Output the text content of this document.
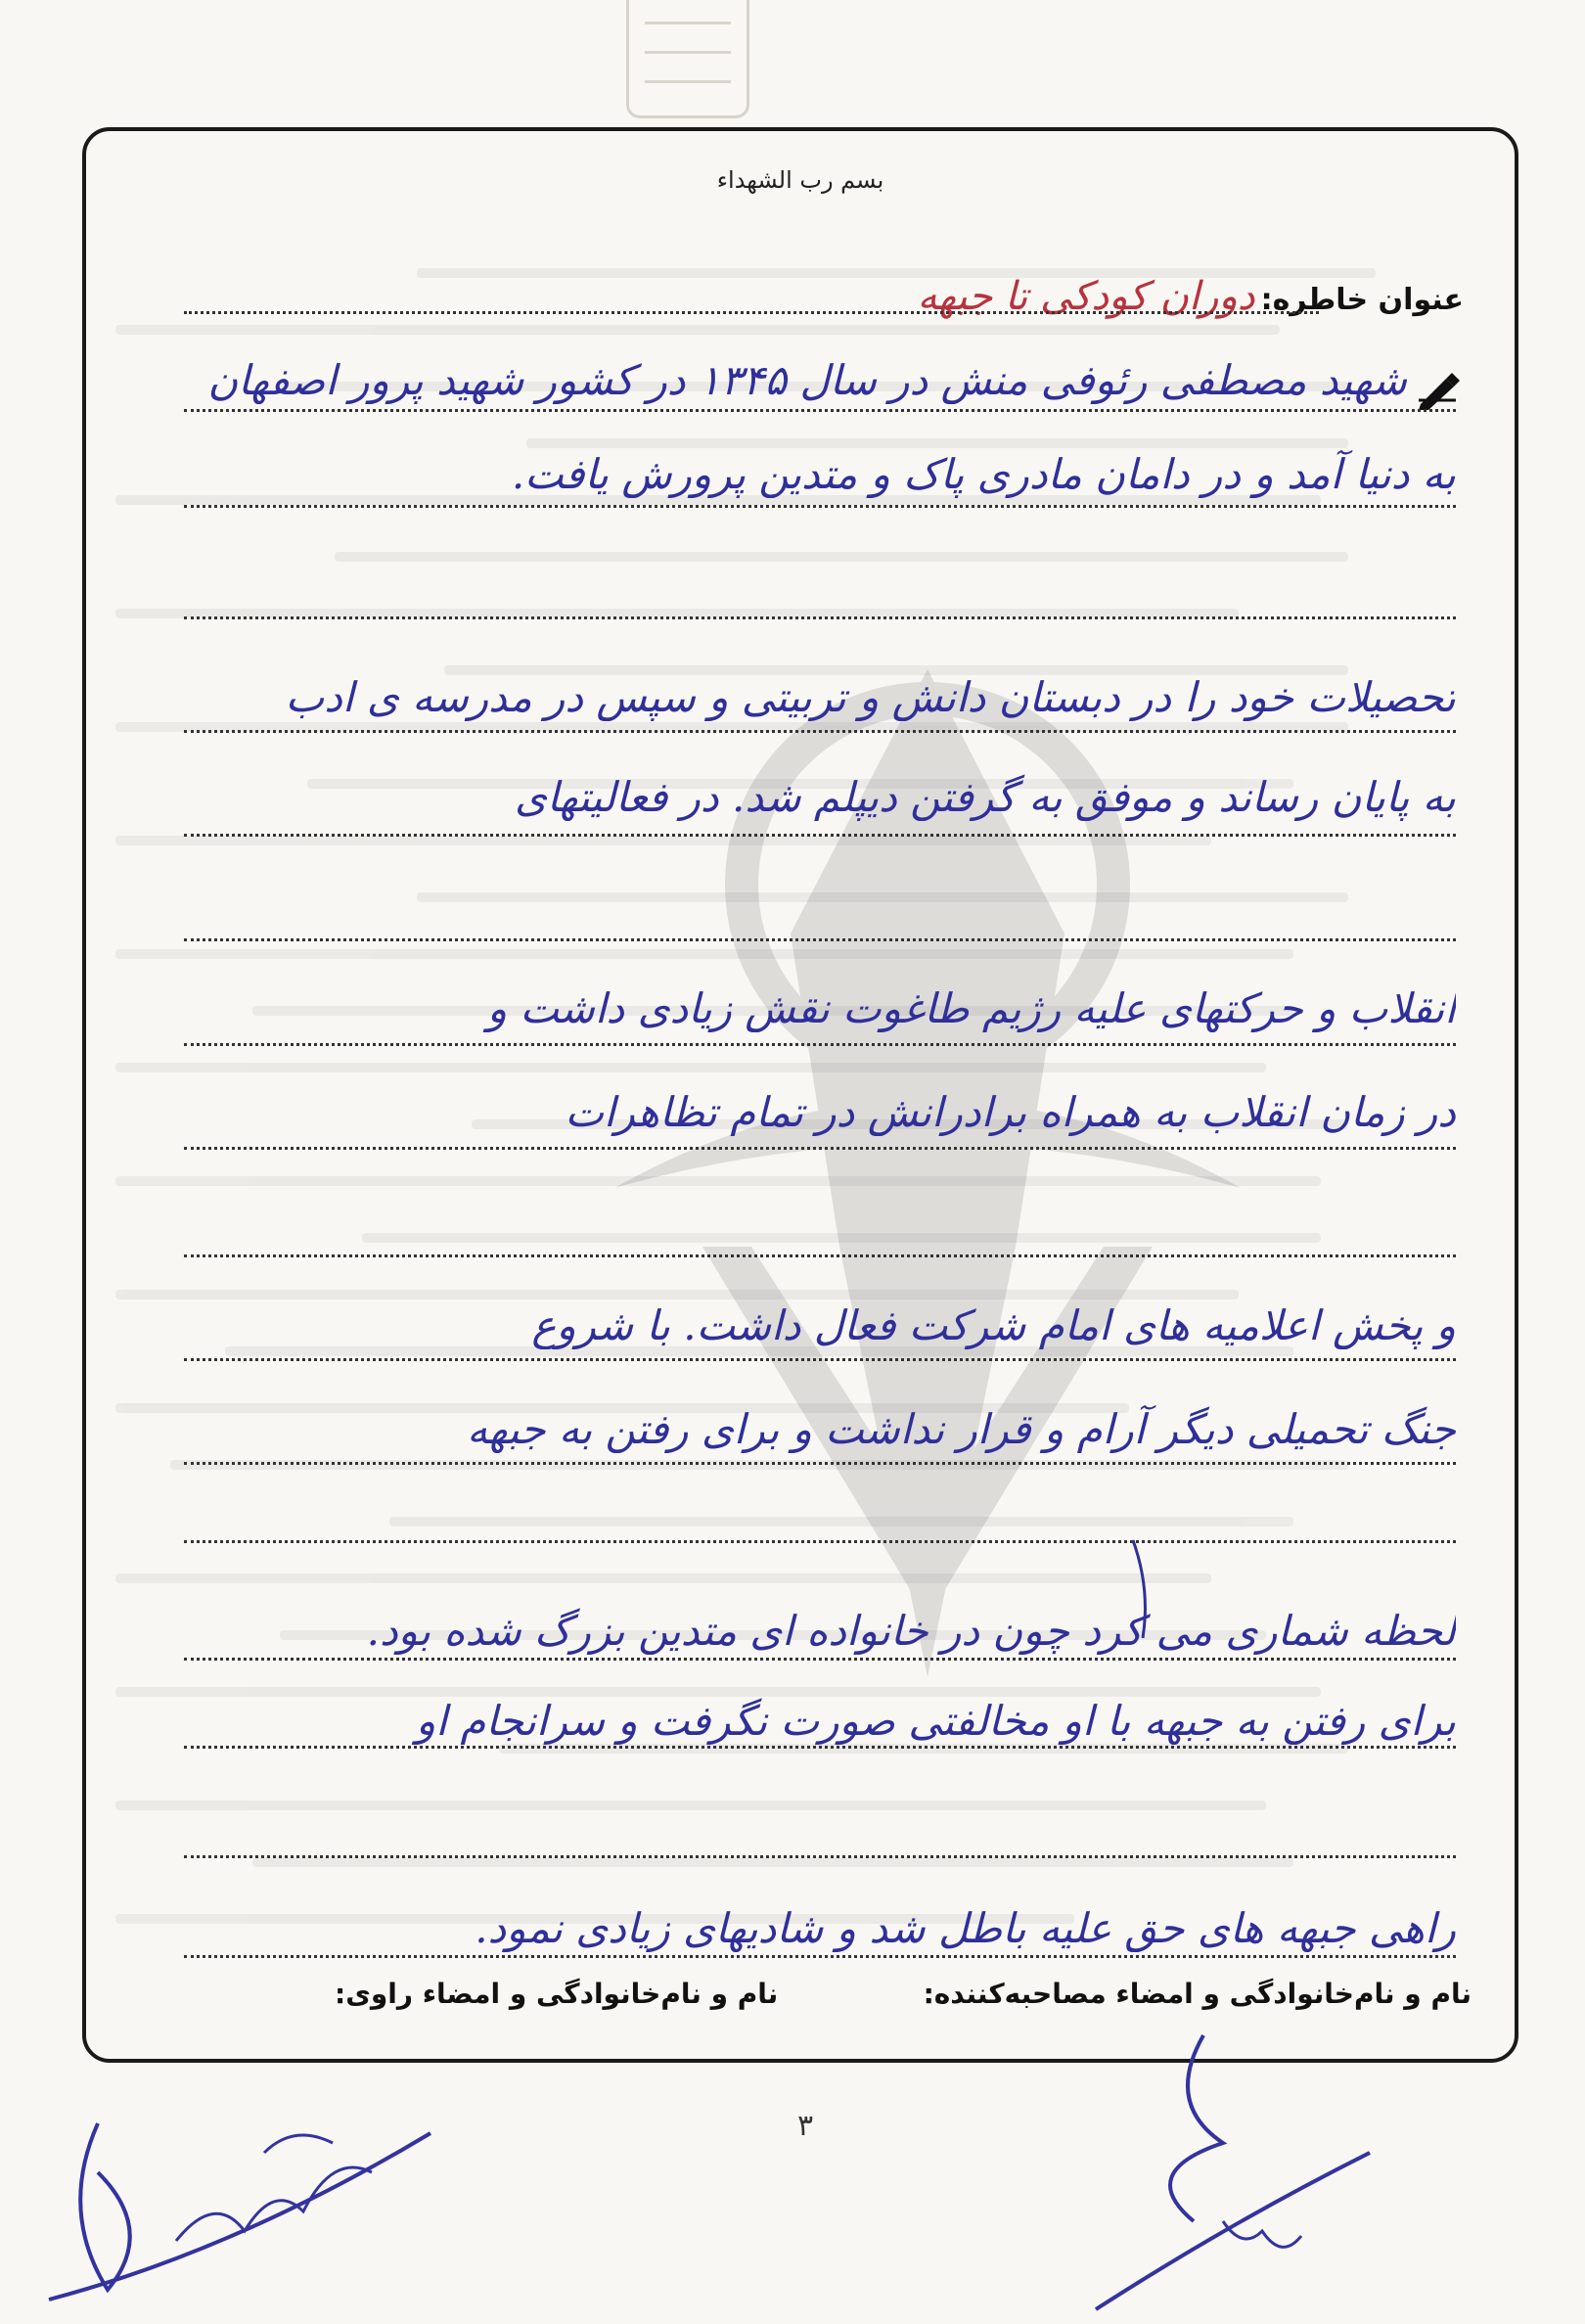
بسم رب الشهداء
عنوان خاطره:
دوران کودکی تا جبهه
شهید مصطفی رئوفی منش در سال ۱۳۴۵ در کشور شهید پرور اصفهان
به دنیا آمد و در دامان مادری پاک و متدین پرورش یافت.
تحصیلات خود را در دبستان دانش و تربیتی و سپس در مدرسه ی ادب
به پایان رساند و موفق به گرفتن دیپلم شد. در فعالیتهای
انقلاب و حرکتهای علیه رژیم طاغوت نقش زیادی داشت و
در زمان انقلاب به همراه برادرانش در تمام تظاهرات
و پخش اعلامیه های امام شرکت فعال داشت. با شروع
جنگ تحمیلی دیگر آرام و قرار نداشت و برای رفتن به جبهه
لحظه شماری می کرد چون در خانواده ای متدین بزرگ شده بود.
برای رفتن به جبهه با او مخالفتی صورت نگرفت و سرانجام او
راهی جبهه های حق علیه باطل شد و شادیهای زیادی نمود.
نام و نام‌خانوادگی و امضاء مصاحبه‌کننده:
نام و نام‌خانوادگی و امضاء راوی:
۳
